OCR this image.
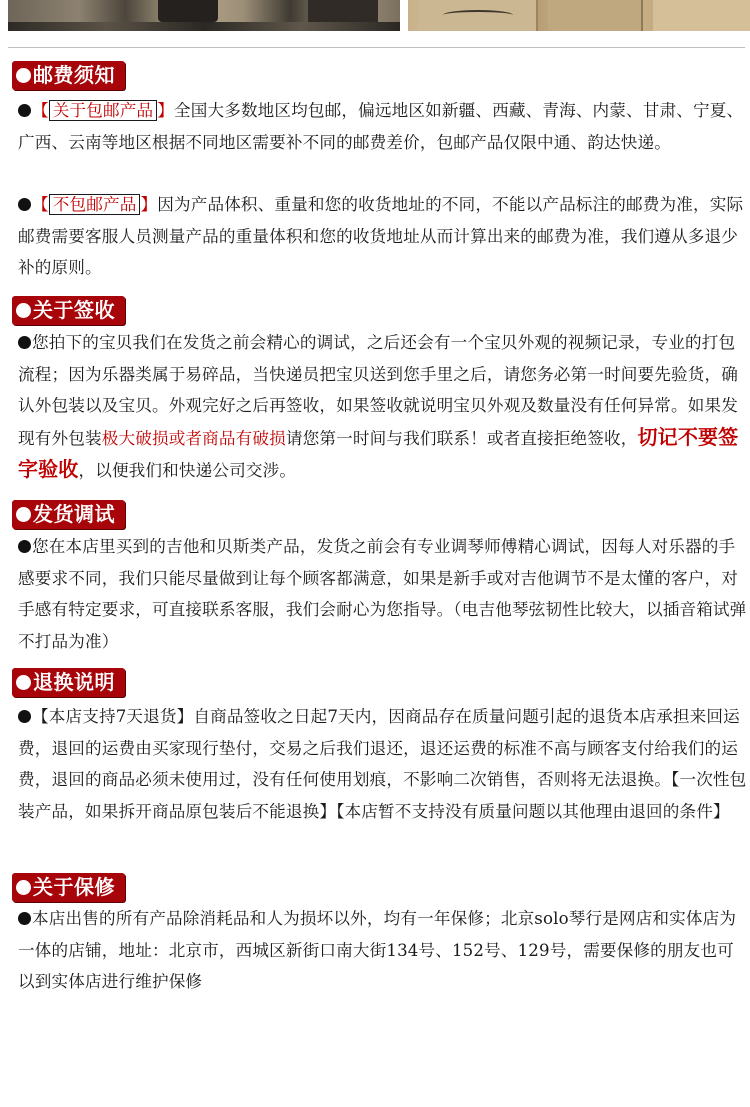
邮费须知
【 关于包邮产品 】全国大多数地区均包邮，偏远地区如新疆、西藏、青海、内蒙、甘肃、宁夏、广西、云南等地区根据不同地区需要补不同的邮费差价，包邮产品仅限中通、韵达快递。
【 不包邮产品 】因为产品体积、重量和您的收货地址的不同，不能以产品标注的邮费为准，实际邮费需要客服人员测量产品的重量体积和您的收货地址从而计算出来的邮费为准，我们遵从多退少补的原则。
关于签收
您拍下的宝贝我们在发货之前会精心的调试，之后还会有一个宝贝外观的视频记录，专业的打包流程；因为乐器类属于易碎品，当快递员把宝贝送到您手里之后，请您务必第一时间要先验货，确认外包装以及宝贝。外观完好之后再签收，如果签收就说明宝贝外观及数量没有任何异常。如果发现有外包装极大破损或者商品有破损请您第一时间与我们联系！或者直接拒绝签收，切记不要签字验收，以便我们和快递公司交涉。
发货调试
您在本店里买到的吉他和贝斯类产品，发货之前会有专业调琴师傅精心调试，因每人对乐器的手感要求不同，我们只能尽量做到让每个顾客都满意，如果是新手或对吉他调节不是太懂的客户，对手感有特定要求，可直接联系客服，我们会耐心为您指导。（电吉他琴弦韧性比较大，以插音箱试弹不打品为准）
退换说明
【本店支持7天退货】自商品签收之日起7天内，因商品存在质量问题引起的退货本店承担来回运费，退回的运费由买家现行垫付，交易之后我们退还，退还运费的标准不高与顾客支付给我们的运费，退回的商品必须未使用过，没有任何使用划痕，不影响二次销售，否则将无法退换。【一次性包装产品，如果拆开商品原包装后不能退换】【本店暂不支持没有质量问题以其他理由退回的条件】
关于保修
本店出售的所有产品除消耗品和人为损坏以外，均有一年保修；北京solo琴行是网店和实体店为一体的店铺，地址：北京市，西城区新街口南大街134号、152号、129号，需要保修的朋友也可以到实体店进行维护保修
